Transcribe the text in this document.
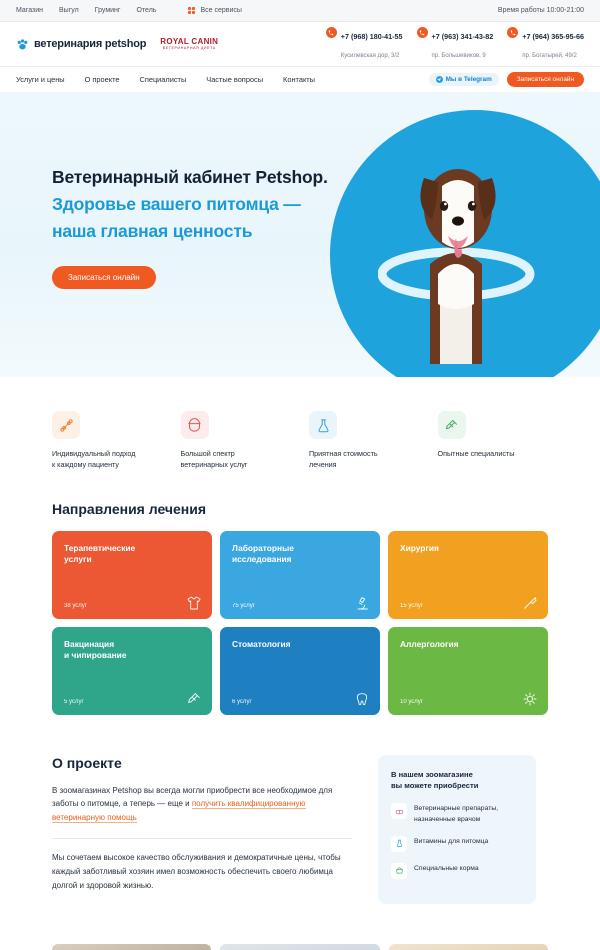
Магазин Выгул Груминг Отель	Все сервисы	Время работы 10:00-21:00
ветеринария petshop ROYAL CANIN
ВЕТЕРИНАРНАЯ ДИЕТА
+7 (968) 180-41-55
Кусилевская дор, 3/2
+7 (963) 341-43-82
пр. Большевиков, 9
+7 (964) 365-95-66
пр. Богатырей, 49/2
Услуги и цены	О проекте	Специалисты	Частые вопросы	Контакты	Мы в Telegram	Записаться онлайн
Ветеринарный кабинет Petshop.
Здоровье вашего питомца —
наша главная ценность
Записаться онлайн
Индивидуальный подход
к каждому пациенту
Большой спектр
ветеринарных услуг
Приятная стоимость
лечения
Опытные специалисты
Направления лечения
Терапевтические
услуги
38 услуг
Лабораторные
исследования
75 услуг
Хирургия
15 услуг
Вакцинация
и чипирование
5 услуг
Стоматология
6 услуг
Аллергология
10 услуг
О проекте
В зоомагазинах Petshop вы всегда могли приобрести все необходимое для заботы о питомце, а теперь — еще и получить квалифицированную ветеринарную помощь
Мы сочетаем высокое качество обслуживания и демократичные цены, чтобы каждый заботливый хозяин имел возможность обеспечить своего любимца долгой и здоровой жизнью.
В нашем зоомагазине
вы можете приобрести
Ветеринарные препараты,
назначенные врачом
Витамины для питомца
Специальные корма
